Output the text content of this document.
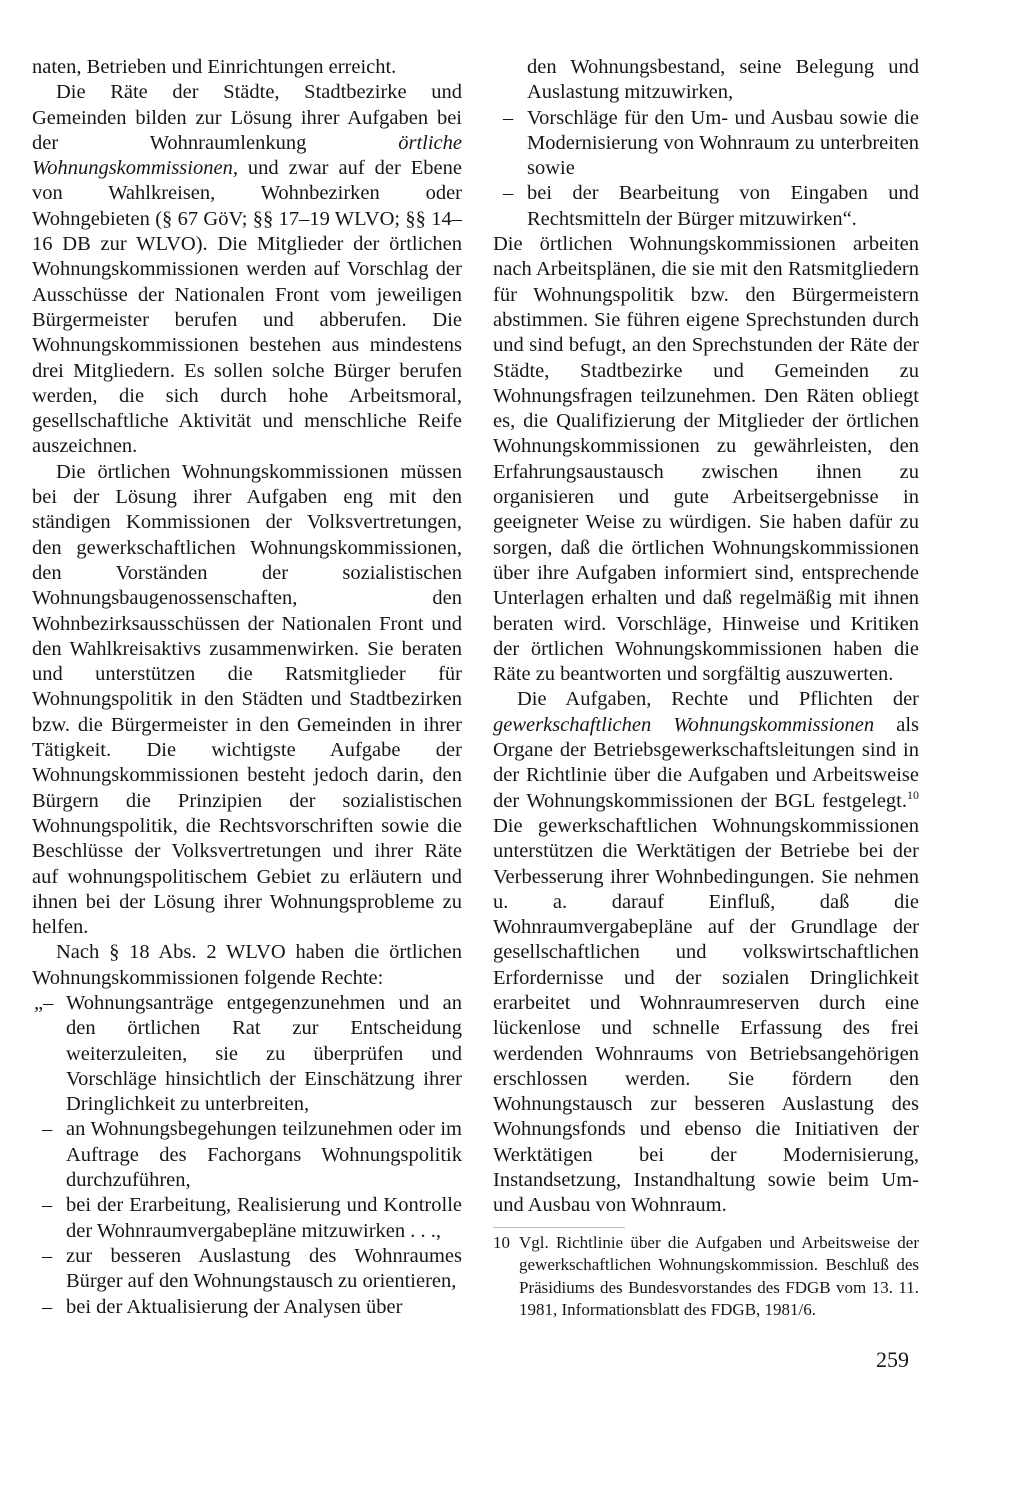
naten, Betrieben und Einrichtungen erreicht.

Die Räte der Städte, Stadtbezirke und Gemeinden bilden zur Lösung ihrer Aufgaben bei der Wohnraumlenkung örtliche Wohnungskommissionen, und zwar auf der Ebene von Wahlkreisen, Wohnbezirken oder Wohngebieten (§ 67 GöV; §§ 17–19 WLVO; §§ 14–16 DB zur WLVO). Die Mitglieder der örtlichen Wohnungskommissionen werden auf Vorschlag der Ausschüsse der Nationalen Front vom jeweiligen Bürgermeister berufen und abberufen. Die Wohnungskommissionen bestehen aus mindestens drei Mitgliedern. Es sollen solche Bürger berufen werden, die sich durch hohe Arbeitsmoral, gesellschaftliche Aktivität und menschliche Reife auszeichnen.

Die örtlichen Wohnungskommissionen müssen bei der Lösung ihrer Aufgaben eng mit den ständigen Kommissionen der Volksvertretungen, den gewerkschaftlichen Wohnungskommissionen, den Vorständen der sozialistischen Wohnungsbaugenossenschaften, den Wohnbezirksausschüssen der Nationalen Front und den Wahlkreisaktivs zusammenwirken. Sie beraten und unterstützen die Ratsmitglieder für Wohnungspolitik in den Städten und Stadtbezirken bzw. die Bürgermeister in den Gemeinden in ihrer Tätigkeit. Die wichtigste Aufgabe der Wohnungskommissionen besteht jedoch darin, den Bürgern die Prinzipien der sozialistischen Wohnungspolitik, die Rechtsvorschriften sowie die Beschlüsse der Volksvertretungen und ihrer Räte auf wohnungspolitischem Gebiet zu erläutern und ihnen bei der Lösung ihrer Wohnungsprobleme zu helfen.

Nach § 18 Abs. 2 WLVO haben die örtlichen Wohnungskommissionen folgende Rechte:

„– Wohnungsanträge entgegenzunehmen und an den örtlichen Rat zur Entscheidung weiterzuleiten, sie zu überprüfen und Vorschläge hinsichtlich der Einschätzung ihrer Dringlichkeit zu unterbreiten,
– an Wohnungsbegehungen teilzunehmen oder im Auftrage des Fachorgans Wohnungspolitik durchzuführen,
– bei der Erarbeitung, Realisierung und Kontrolle der Wohnraumvergabepläne mitzuwirken . . .,
– zur besseren Auslastung des Wohnraumes Bürger auf den Wohnungstausch zu orientieren,
– bei der Aktualisierung der Analysen über
den Wohnungsbestand, seine Belegung und Auslastung mitzuwirken,
– Vorschläge für den Um- und Ausbau sowie die Modernisierung von Wohnraum zu unterbreiten sowie
– bei der Bearbeitung von Eingaben und Rechtsmitteln der Bürger mitzuwirken“.

Die örtlichen Wohnungskommissionen arbeiten nach Arbeitsplänen, die sie mit den Ratsmitgliedern für Wohnungspolitik bzw. den Bürgermeistern abstimmen. Sie führen eigene Sprechstunden durch und sind befugt, an den Sprechstunden der Räte der Städte, Stadtbezirke und Gemeinden zu Wohnungsfragen teilzunehmen. Den Räten obliegt es, die Qualifizierung der Mitglieder der örtlichen Wohnungskommissionen zu gewährleisten, den Erfahrungsaustausch zwischen ihnen zu organisieren und gute Arbeitsergebnisse in geeigneter Weise zu würdigen. Sie haben dafür zu sorgen, daß die örtlichen Wohnungskommissionen über ihre Aufgaben informiert sind, entsprechende Unterlagen erhalten und daß regelmäßig mit ihnen beraten wird. Vorschläge, Hinweise und Kritiken der örtlichen Wohnungskommissionen haben die Räte zu beantworten und sorgfältig auszuwerten.

Die Aufgaben, Rechte und Pflichten der gewerkschaftlichen Wohnungskommissionen als Organe der Betriebsgewerkschaftsleitungen sind in der Richtlinie über die Aufgaben und Arbeitsweise der Wohnungskommissionen der BGL festgelegt.$^{10}$ Die gewerkschaftlichen Wohnungskommissionen unterstützen die Werktätigen der Betriebe bei der Verbesserung ihrer Wohnbedingungen. Sie nehmen u. a. darauf Einfluß, daß die Wohnraumvergabepläne auf der Grundlage der gesellschaftlichen und volkswirtschaftlichen Erfordernisse und der sozialen Dringlichkeit erarbeitet und Wohnraumreserven durch eine lückenlose und schnelle Erfassung des frei werdenden Wohnraums von Betriebsangehörigen erschlossen werden. Sie fördern den Wohnungstausch zur besseren Auslastung des Wohnungsfonds und ebenso die Initiativen der Werktätigen bei der Modernisierung, Instandsetzung, Instandhaltung sowie beim Um- und Ausbau von Wohnraum.

10 Vgl. Richtlinie über die Aufgaben und Arbeitsweise der gewerkschaftlichen Wohnungskommission. Beschluß des Präsidiums des Bundesvorstandes des FDGB vom 13. 11. 1981, Informationsblatt des FDGB, 1981/6.
259
